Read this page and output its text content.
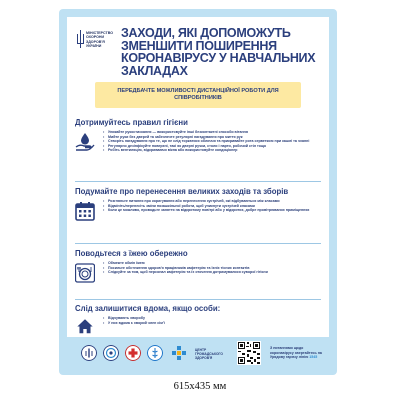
МІНІСТЕРСТВО
ОХОРОНИ
ЗДОРОВ'Я
УКРАЇНИ
ЗАХОДИ, ЯКІ ДОПОМОЖУТЬ ЗМЕНШИТИ ПОШИРЕННЯ КОРОНАВІРУСУ У НАВЧАЛЬНИХ ЗАКЛАДАХ
ПЕРЕДБАЧТЕ МОЖЛИВОСТІ ДИСТАНЦІЙНОЇ РОБОТИ ДЛЯ СПІВРОБІТНИКІВ

Дотримуйтесь правил гігієни

• Уникайте рукостискання — використовуйте інші безконтактні способи вітання
• Мийте руки без дверей та забезпечте регулярні нагадування про миття рук
• Створіть нагадування про те, що не слід торкатися обличчя та прикривайте рота серветкою при кашлі та чханні
• Регулярно дезінфікуйте поверхні, такі як дверні ручки, столи і парти, робочий стіл тощо
• Робіть вентиляцію, відкриваючи вікна або використовуйте кондиціонер

Подумайте про перенесення великих заходів та зборів

• Розгляньте питання про коригування або перенесення зустрічей, які відбуваються між класами
• Відмініть/перенесіть зміни позашкільної роботи, щоб уникнути зустрічей класами
• Коли це можливо, проводьте заняття на відкритому повітрі або у відкритих, добре провітрюваних приміщеннях

Поводьтеся з їжею обережно

• Обмежте обмін їжею
• Посильте обстеження здоров'я працівників кафетерію та їхніх тісних контактів
• Слідкуйте за тим, щоб персонал кафетерію та їх оточення дотримувалися суворої гігієни

Слід залишитися вдома, якщо особи:

• Відчувають хворобу
• У них вдома є хворий член сім'ї
ЦЕНТР
ГРОМАДСЬКОГО
ЗДОРОВ'Я
З питаннями щодо коронавірусу звертайтесь на Урядову гарячу лінію 1545
615x435 мм
